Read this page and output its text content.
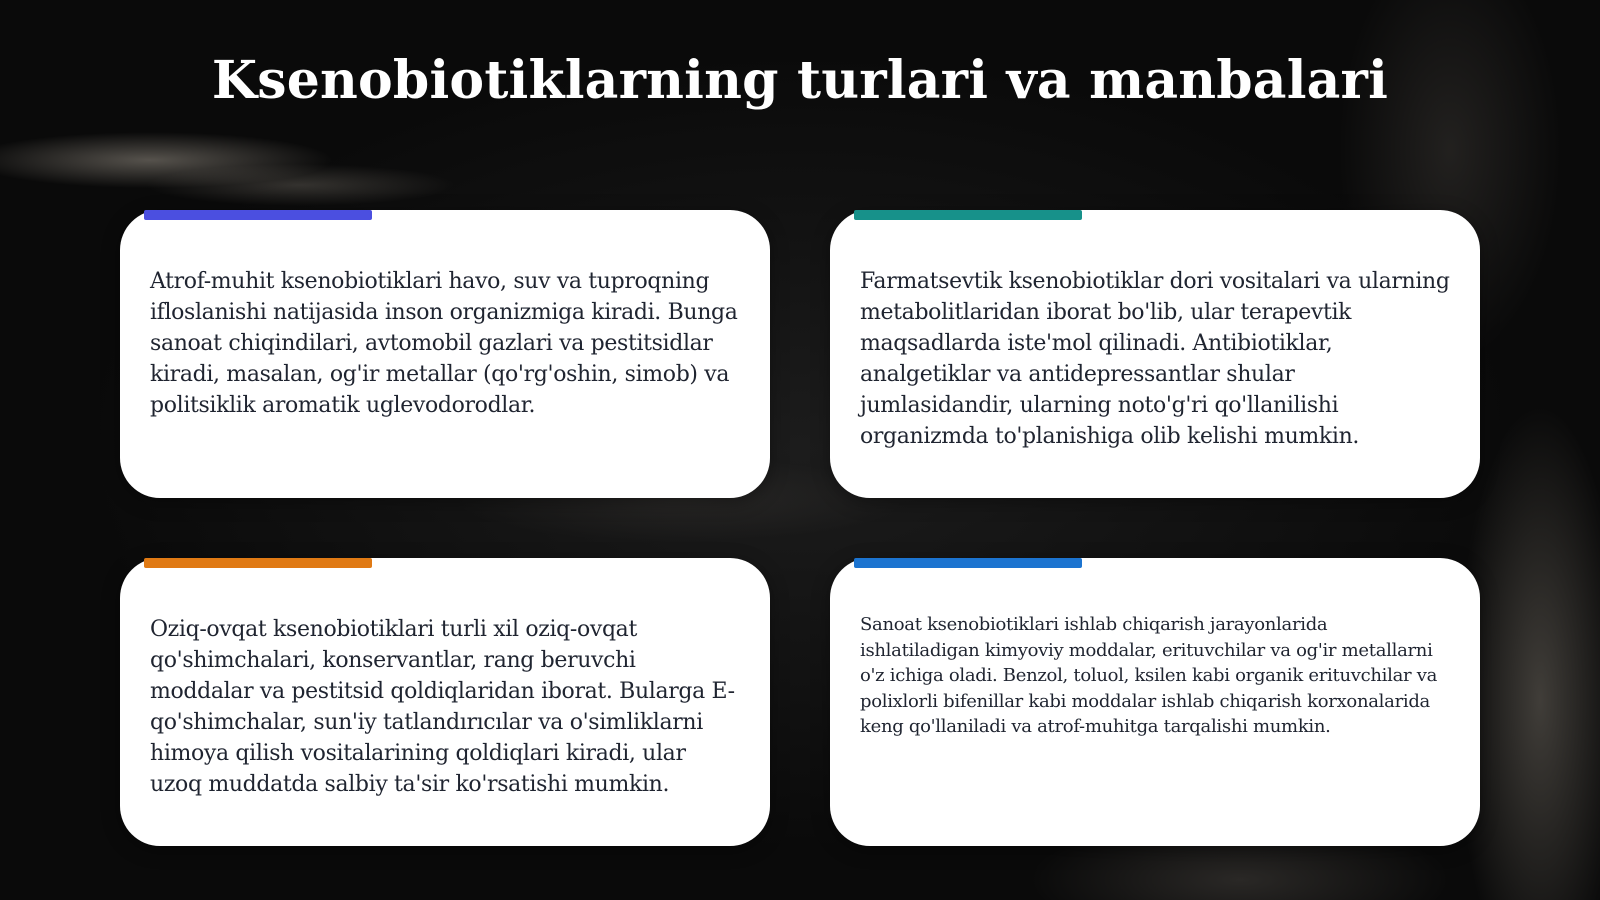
Ksenobiotiklarning turlari va manbalari

Atrof-muhit ksenobiotiklari havo, suv va tuproqning ifloslanishi natijasida inson organizmiga kiradi. Bunga sanoat chiqindilari, avtomobil gazlari va pestitsidlar kiradi, masalan, og'ir metallar (qo'rg'oshin, simob) va politsiklik aromatik uglevodorodlar.

Farmatsevtik ksenobiotiklar dori vositalari va ularning metabolitlaridan iborat bo'lib, ular terapevtik maqsadlarda iste'mol qilinadi. Antibiotiklar, analgetiklar va antidepressantlar shular jumlasidandir, ularning noto'g'ri qo'llanilishi organizmda to'planishiga olib kelishi mumkin.

Oziq-ovqat ksenobiotiklari turli xil oziq-ovqat qo'shimchalari, konservantlar, rang beruvchi moddalar va pestitsid qoldiqlaridan iborat. Bularga E-qo'shimchalar, sun'iy tatlandırıcılar va o'simliklarni himoya qilish vositalarining qoldiqlari kiradi, ular uzoq muddatda salbiy ta'sir ko'rsatishi mumkin.

Sanoat ksenobiotiklari ishlab chiqarish jarayonlarida ishlatiladigan kimyoviy moddalar, erituvchilar va og'ir metallarni o'z ichiga oladi. Benzol, toluol, ksilen kabi organik erituvchilar va polixlorli bifenillar kabi moddalar ishlab chiqarish korxonalarida keng qo'llaniladi va atrof-muhitga tarqalishi mumkin.
